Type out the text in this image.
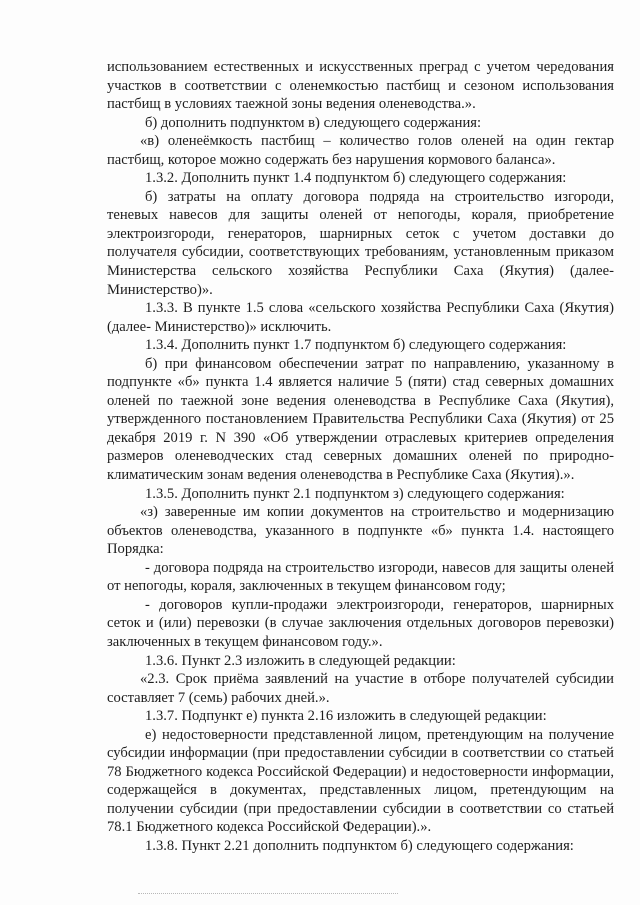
использованием естественных и искусственных преград с учетом чередования участков в соответствии с оленемкостью пастбищ и сезоном использования пастбищ в условиях таежной зоны ведения оленеводства.».

б) дополнить подпунктом в) следующего содержания:

«в) оленеёмкость пастбищ – количество голов оленей на один гектар пастбищ, которое можно содержать без нарушения кормового баланса».

1.3.2. Дополнить пункт 1.4 подпунктом б) следующего содержания:

б) затраты на оплату договора подряда на строительство изгороди, теневых навесов для защиты оленей от непогоды, кораля, приобретение электроизгороди, генераторов, шарнирных сеток с учетом доставки до получателя субсидии, соответствующих требованиям, установленным приказом Министерства сельского хозяйства Республики Саха (Якутия) (далее-Министерство)».

1.3.3. В пункте 1.5 слова «сельского хозяйства Республики Саха (Якутия) (далее- Министерство)» исключить.

1.3.4. Дополнить пункт 1.7 подпунктом б) следующего содержания:

б) при финансовом обеспечении затрат по направлению, указанному в подпункте «б» пункта 1.4 является наличие 5 (пяти) стад северных домашних оленей по таежной зоне ведения оленеводства в Республике Саха (Якутия), утвержденного постановлением Правительства Республики Саха (Якутия) от 25 декабря 2019 г. N 390 «Об утверждении отраслевых критериев определения размеров оленеводческих стад северных домашних оленей по природно-климатическим зонам ведения оленеводства в Республике Саха (Якутия).».

1.3.5. Дополнить пункт 2.1 подпунктом з) следующего содержания:

«з) заверенные им копии документов на строительство и модернизацию объектов оленеводства, указанного в подпункте «б» пункта 1.4. настоящего Порядка:

- договора подряда на строительство изгороди, навесов для защиты оленей от непогоды, кораля, заключенных в текущем финансовом году;

- договоров купли-продажи электроизгороди, генераторов, шарнирных сеток и (или) перевозки (в случае заключения отдельных договоров перевозки) заключенных в текущем финансовом году.».

1.3.6. Пункт 2.3 изложить в следующей редакции:

«2.3. Срок приёма заявлений на участие в отборе получателей субсидии составляет 7 (семь) рабочих дней.».

1.3.7. Подпункт е) пункта 2.16 изложить в следующей редакции:

е) недостоверности представленной лицом, претендующим на получение субсидии информации (при предоставлении субсидии в соответствии со статьей 78 Бюджетного кодекса Российской Федерации) и недостоверности информации, содержащейся в документах, представленных лицом, претендующим на получении субсидии (при предоставлении субсидии в соответствии со статьей 78.1 Бюджетного кодекса Российской Федерации).».

1.3.8. Пункт 2.21 дополнить подпунктом б) следующего содержания:
